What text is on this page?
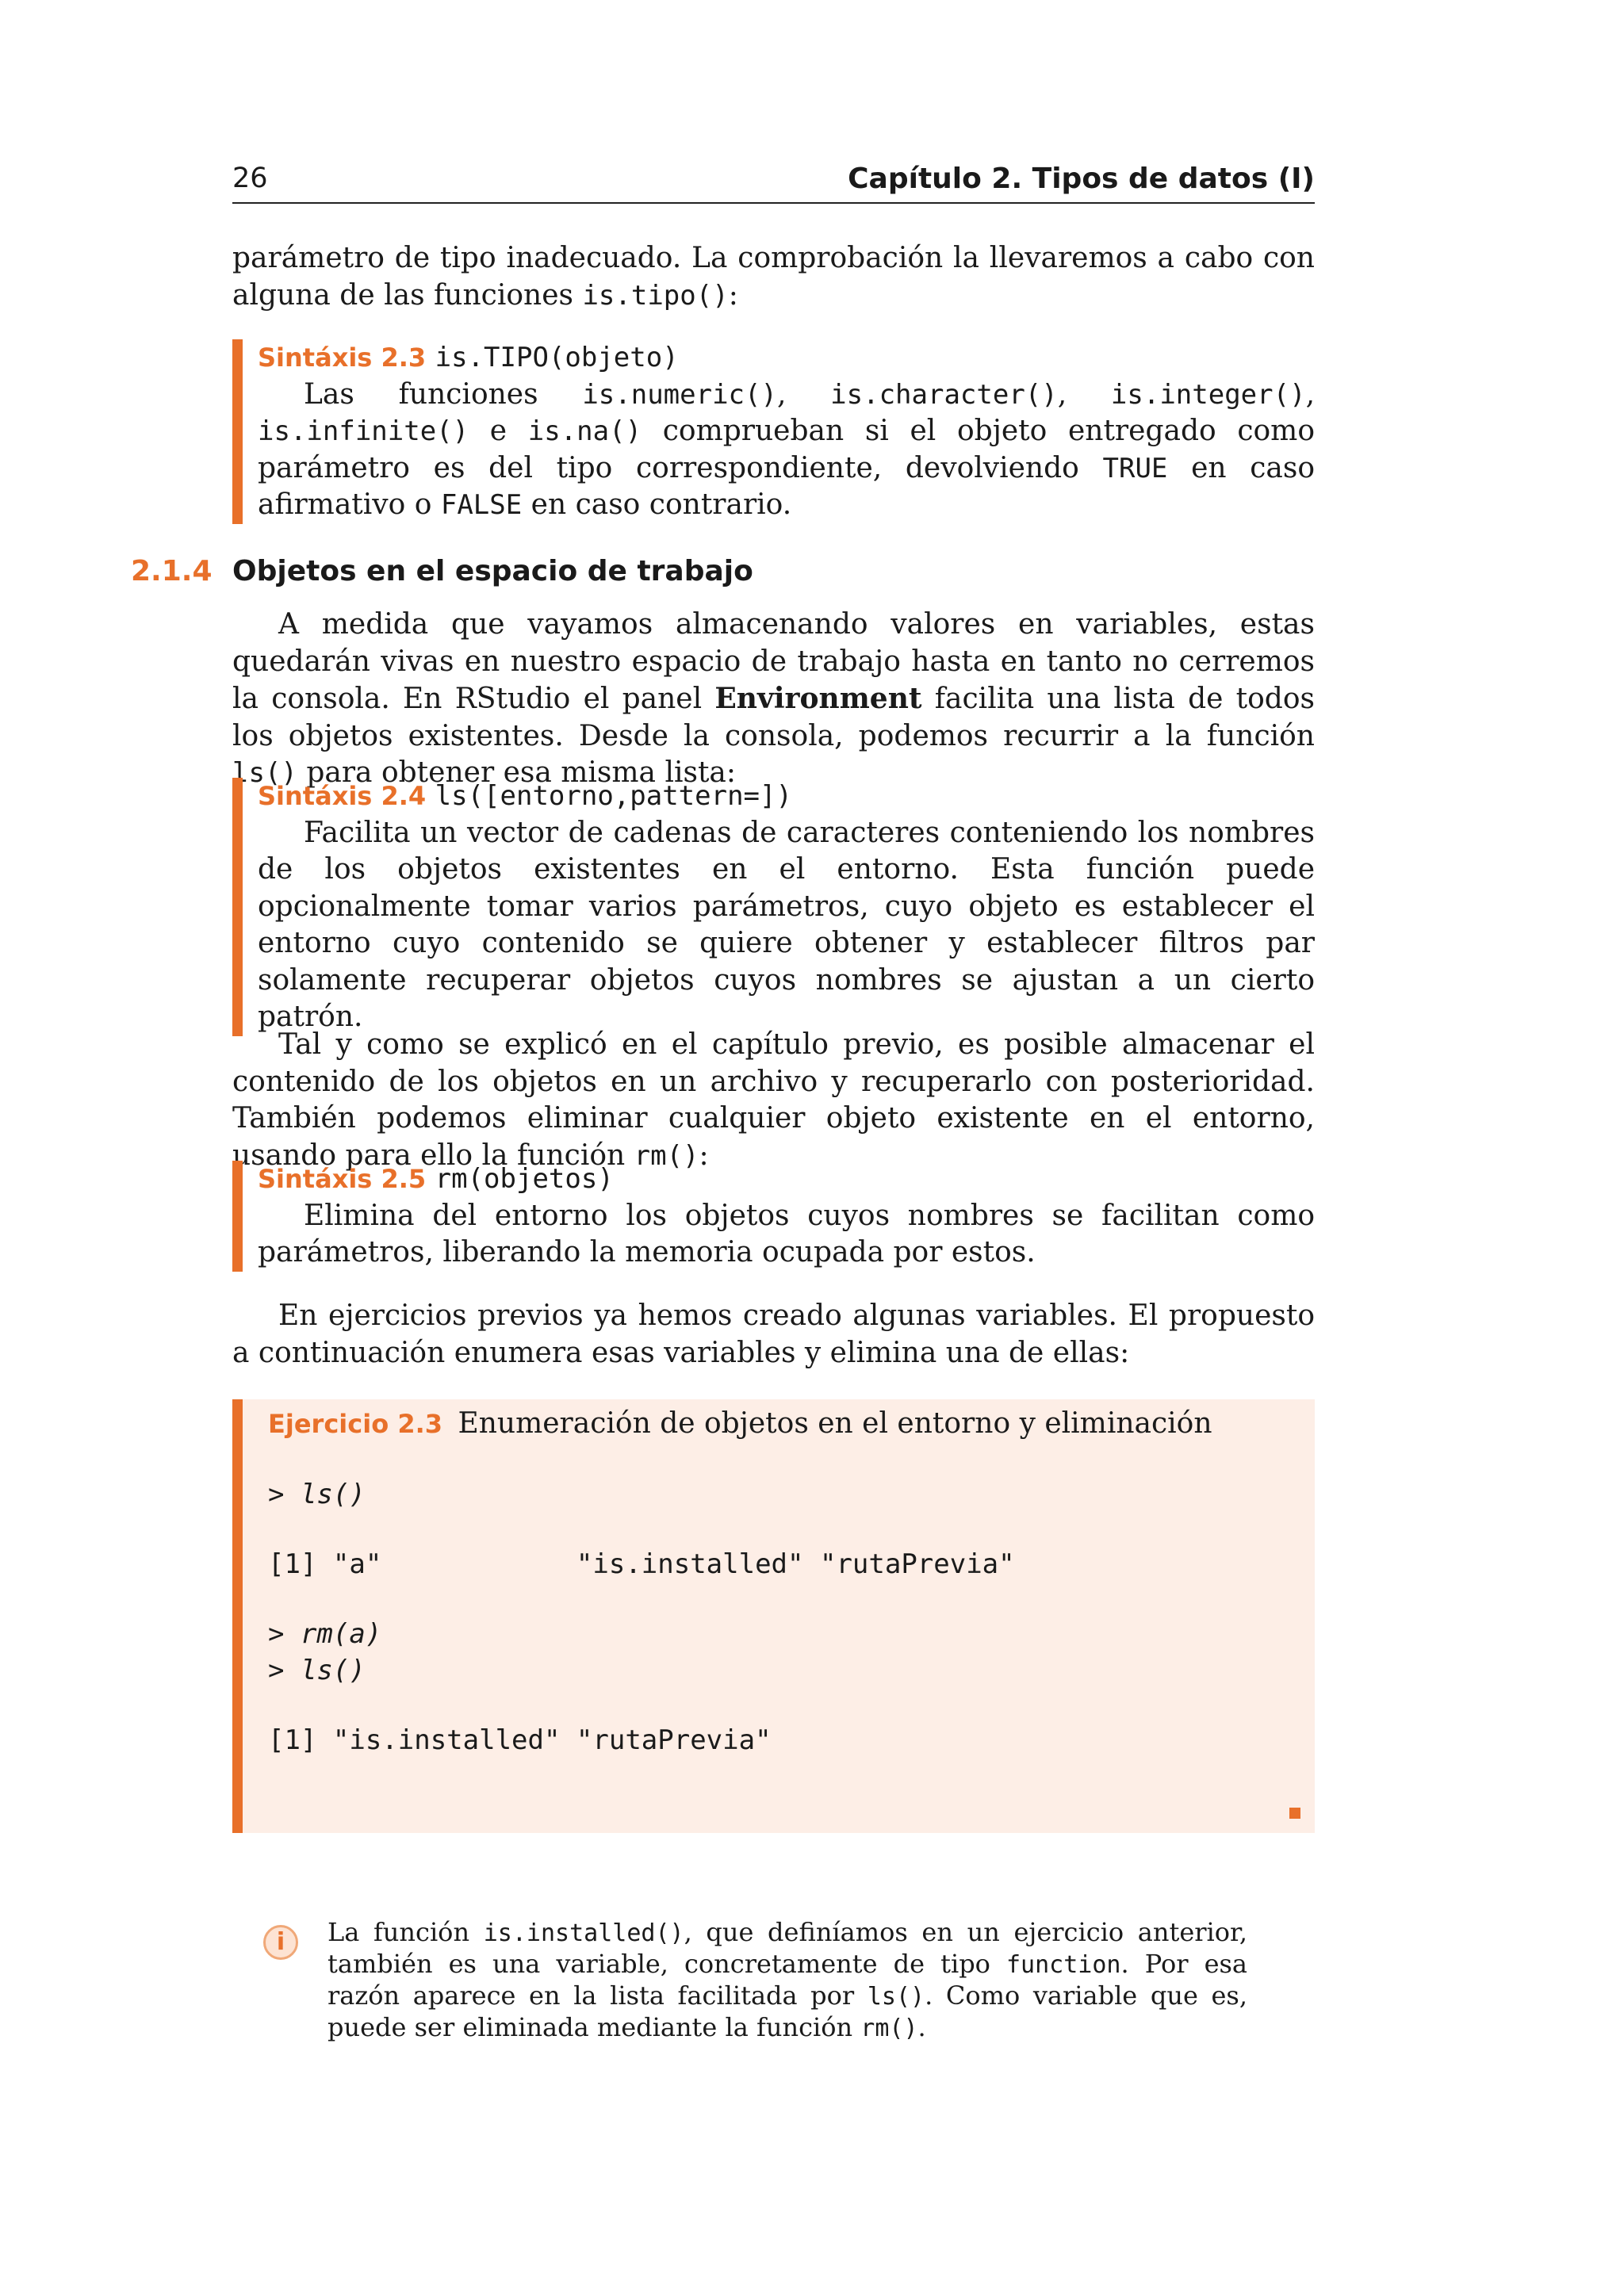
26	Capítulo 2. Tipos de datos (I)
parámetro de tipo inadecuado. La comprobación la llevaremos a cabo con alguna de las funciones is.tipo():
Sintáxis 2.3 is.TIPO(objeto)
Las funciones is.numeric(), is.character(), is.integer(), is.infinite() e is.na() comprueban si el objeto entregado como parámetro es del tipo correspondiente, devolviendo TRUE en caso afirmativo o FALSE en caso contrario.
2.1.4 Objetos en el espacio de trabajo
A medida que vayamos almacenando valores en variables, estas quedarán vivas en nuestro espacio de trabajo hasta en tanto no cerremos la consola. En RStudio el panel Environment facilita una lista de todos los objetos existentes. Desde la consola, podemos recurrir a la función ls() para obtener esa misma lista:
Sintáxis 2.4 ls([entorno,pattern=])
Facilita un vector de cadenas de caracteres conteniendo los nombres de los objetos existentes en el entorno. Esta función puede opcionalmente tomar varios parámetros, cuyo objeto es establecer el entorno cuyo contenido se quiere obtener y establecer filtros par solamente recuperar objetos cuyos nombres se ajustan a un cierto patrón.
Tal y como se explicó en el capítulo previo, es posible almacenar el contenido de los objetos en un archivo y recuperarlo con posterioridad. También podemos eliminar cualquier objeto existente en el entorno, usando para ello la función rm():
Sintáxis 2.5 rm(objetos)
Elimina del entorno los objetos cuyos nombres se facilitan como parámetros, liberando la memoria ocupada por estos.
En ejercicios previos ya hemos creado algunas variables. El propuesto a continuación enumera esas variables y elimina una de ellas:
Ejercicio 2.3 Enumeración de objetos en el entorno y eliminación
> ls()
[1] "a"            "is.installed" "rutaPrevia"
> rm(a)
> ls()
[1] "is.installed" "rutaPrevia"
i	La función is.installed(), que definíamos en un ejercicio anterior, también es una variable, concretamente de tipo function. Por esa razón aparece en la lista facilitada por ls(). Como variable que es, puede ser eliminada mediante la función rm().
